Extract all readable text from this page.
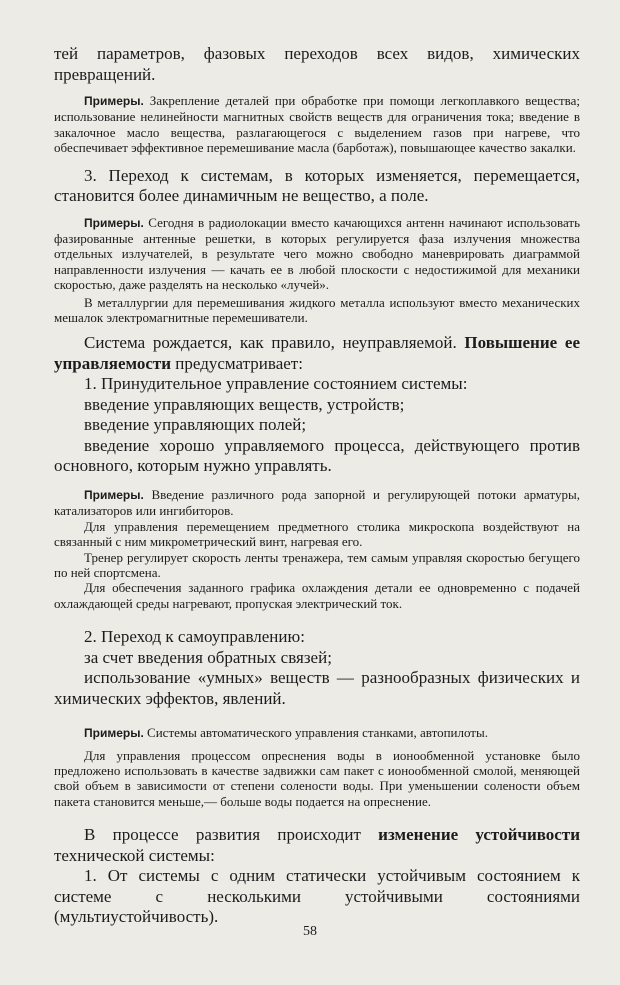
тей параметров, фазовых переходов всех видов, химических превращений.

Примеры. Закрепление деталей при обработке при помощи легкоплавкого вещества; использование нелинейности магнитных свойств веществ для ограничения тока; введение в закалочное масло вещества, разлагающегося с выделением газов при нагреве, что обеспечивает эффективное перемешивание масла (барботаж), повышающее качество закалки.

3. Переход к системам, в которых изменяется, перемещается, становится более динамичным не вещество, а поле.

Примеры. Сегодня в радиолокации вместо качающихся антенн начинают использовать фазированные антенные решетки, в которых регулируется фаза излучения множества отдельных излучателей, в результате чего можно свободно маневрировать диаграммой направленности излучения — качать ее в любой плоскости с недостижимой для механики скоростью, даже разделять на несколько «лучей».

В металлургии для перемешивания жидкого металла используют вместо механических мешалок электромагнитные перемешиватели.

Система рождается, как правило, неуправляемой. Повышение ее управляемости предусматривает:

1. Принудительное управление состоянием системы:

введение управляющих веществ, устройств;

введение управляющих полей;

введение хорошо управляемого процесса, действующего против основного, которым нужно управлять.

Примеры. Введение различного рода запорной и регулирующей потоки арматуры, катализаторов или ингибиторов.

Для управления перемещением предметного столика микроскопа воздействуют на связанный с ним микрометрический винт, нагревая его.

Тренер регулирует скорость ленты тренажера, тем самым управляя скоростью бегущего по ней спортсмена.

Для обеспечения заданного графика охлаждения детали ее одновременно с подачей охлаждающей среды нагревают, пропуская электрический ток.

2. Переход к самоуправлению:

за счет введения обратных связей;

использование «умных» веществ — разнообразных физических и химических эффектов, явлений.

Примеры. Системы автоматического управления станками, автопилоты.

Для управления процессом опреснения воды в ионообменной установке было предложено использовать в качестве задвижки сам пакет с ионообменной смолой, меняющей свой объем в зависимости от степени солености воды. При уменьшении солености объем пакета становится меньше,— больше воды подается на опреснение.

В процессе развития происходит изменение устойчивости технической системы:

1. От системы с одним статически устойчивым состоянием к системе с несколькими устойчивыми состояниями (мультиустойчивость).

58
